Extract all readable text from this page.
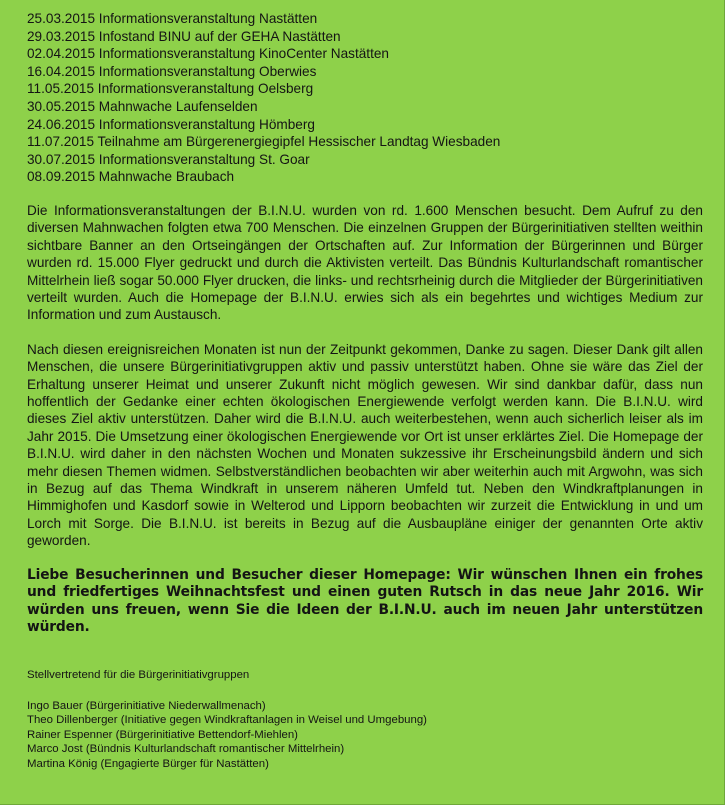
25.03.2015 Informationsveranstaltung Nastätten
29.03.2015 Infostand BINU auf der GEHA Nastätten
02.04.2015 Informationsveranstaltung KinoCenter Nastätten
16.04.2015 Informationsveranstaltung Oberwies
11.05.2015 Informationsveranstaltung Oelsberg
30.05.2015 Mahnwache Laufenselden
24.06.2015 Informationsveranstaltung Hömberg
11.07.2015 Teilnahme am Bürgerenergiegipfel Hessischer Landtag Wiesbaden
30.07.2015 Informationsveranstaltung St. Goar
08.09.2015 Mahnwache Braubach

Die Informationsveranstaltungen der B.I.N.U. wurden von rd. 1.600 Menschen besucht. Dem Aufruf zu den diversen Mahnwachen folgten etwa 700 Menschen. Die einzelnen Gruppen der Bürgerinitiativen stellten weithin sichtbare Banner an den Ortseingängen der Ortschaften auf. Zur Information der Bürgerinnen und Bürger wurden rd. 15.000 Flyer gedruckt und durch die Aktivisten verteilt. Das Bündnis Kulturlandschaft romantischer Mittelrhein ließ sogar 50.000 Flyer drucken, die links- und rechtsrheinig durch die Mitglieder der Bürgerinitiativen verteilt wurden. Auch die Homepage der B.I.N.U. erwies sich als ein begehrtes und wichtiges Medium zur Information und zum Austausch.

Nach diesen ereignisreichen Monaten ist nun der Zeitpunkt gekommen, Danke zu sagen. Dieser Dank gilt allen Menschen, die unsere Bürgerinitiativgruppen aktiv und passiv unterstützt haben. Ohne sie wäre das Ziel der Erhaltung unserer Heimat und unserer Zukunft nicht möglich gewesen. Wir sind dankbar dafür, dass nun hoffentlich der Gedanke einer echten ökologischen Energiewende verfolgt werden kann. Die B.I.N.U. wird dieses Ziel aktiv unterstützen. Daher wird die B.I.N.U. auch weiterbestehen, wenn auch sicherlich leiser als im Jahr 2015. Die Umsetzung einer ökologischen Energiewende vor Ort ist unser erklärtes Ziel. Die Homepage der B.I.N.U. wird daher in den nächsten Wochen und Monaten sukzessive ihr Erscheinungsbild ändern und sich mehr diesen Themen widmen. Selbstverständlichen beobachten wir aber weiterhin auch mit Argwohn, was sich in Bezug auf das Thema Windkraft in unserem näheren Umfeld tut. Neben den Windkraftplanungen in Himmighofen und Kasdorf sowie in Welterod und Lipporn beobachten wir zurzeit die Entwicklung in und um Lorch mit Sorge. Die B.I.N.U. ist bereits in Bezug auf die Ausbaupläne einiger der genannten Orte aktiv geworden.

Liebe Besucherinnen und Besucher dieser Homepage: Wir wünschen Ihnen ein frohes und friedfertiges Weihnachtsfest und einen guten Rutsch in das neue Jahr 2016. Wir würden uns freuen, wenn Sie die Ideen der B.I.N.U. auch im neuen Jahr unterstützen würden.

Stellvertretend für die Bürgerinitiativgruppen

Ingo Bauer (Bürgerinitiative Niederwallmenach)
Theo Dillenberger (Initiative gegen Windkraftanlagen in Weisel und Umgebung)
Rainer Espenner (Bürgerinitiative Bettendorf-Miehlen)
Marco Jost (Bündnis Kulturlandschaft romantischer Mittelrhein)
Martina König (Engagierte Bürger für Nastätten)
